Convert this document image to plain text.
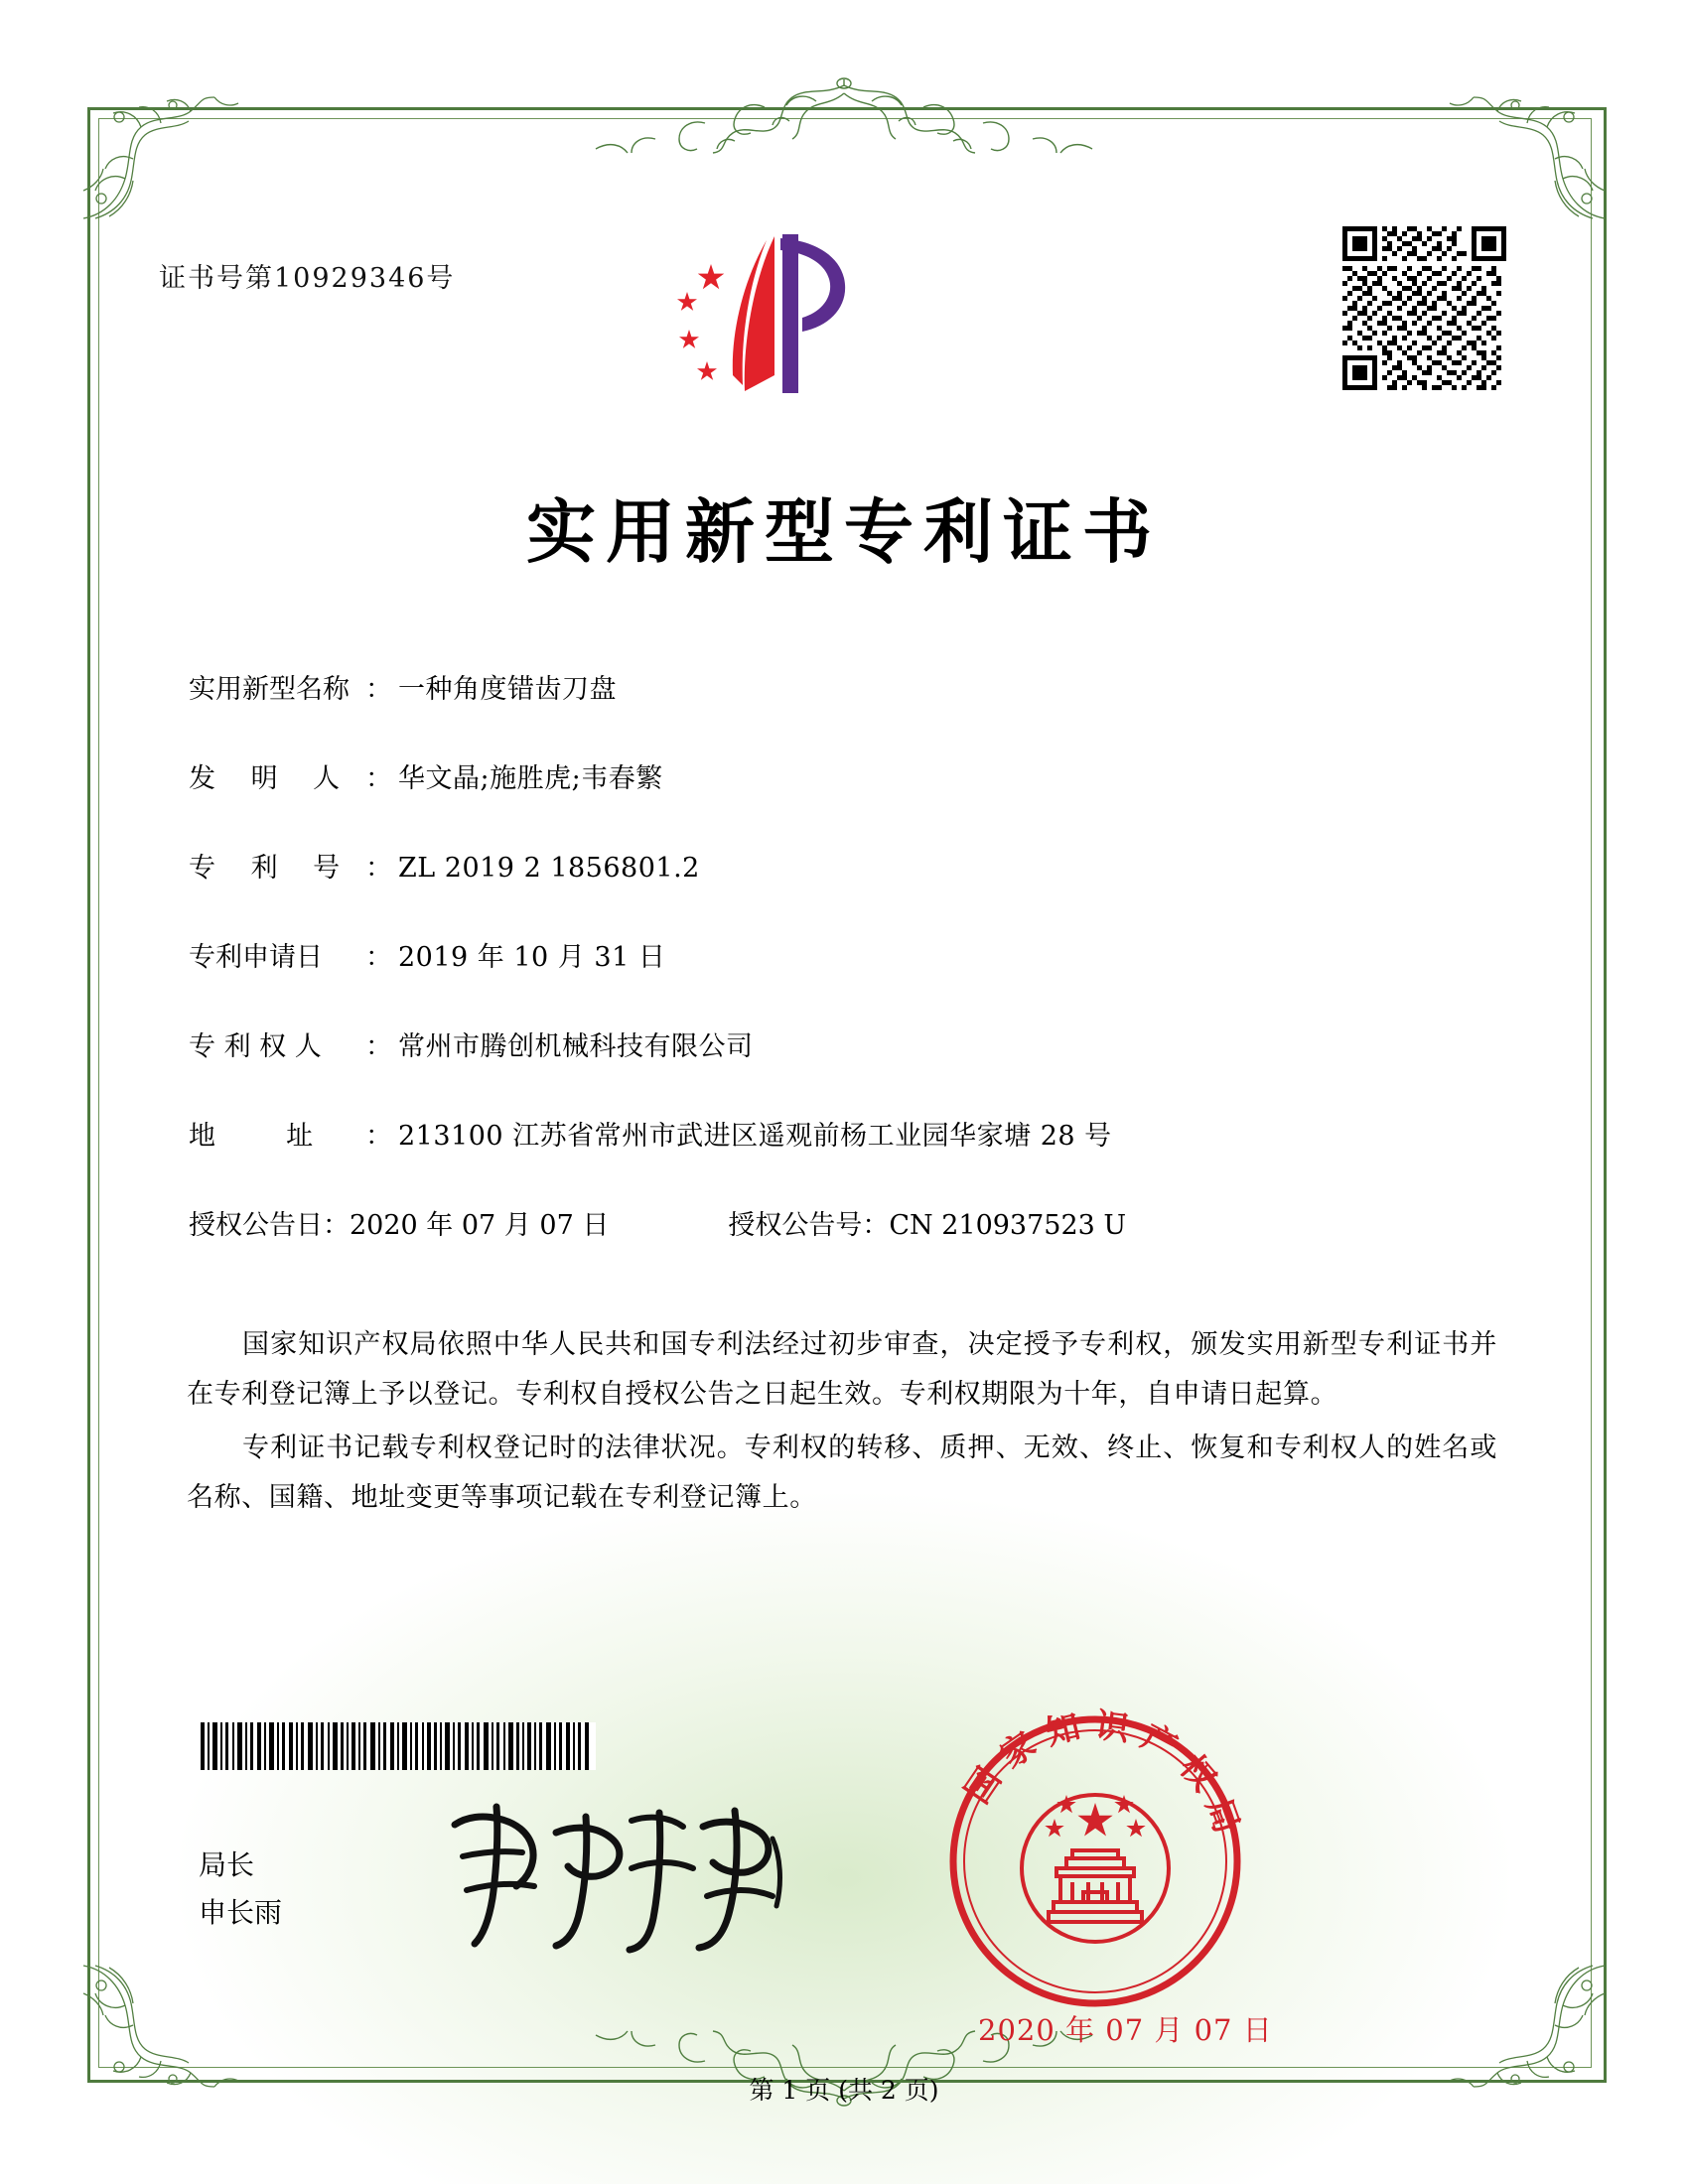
证书号第10929346号
实用新型专利证书
实用新型名称 ： 一种角度错齿刀盘
发　 明　 人 ： 华文晶;施胜虎;韦春繁
专　 利　 号 ： ZL 2019 2 1856801.2
专利申请日	： 2019 年 10 月 31 日
专 利 权 人	： 常州市腾创机械科技有限公司
地　 　 址	： 213100 江苏省常州市武进区遥观前杨工业园华家塘 28 号
授权公告日：2020 年 07 月 07 日	授权公告号：CN 210937523 U

国家知识产权局依照中华人民共和国专利法经过初步审查，决定授予专利权，颁发实用新型专利证书并在专利登记簿上予以登记。专利权自授权公告之日起生效。专利权期限为十年，自申请日起算。

专利证书记载专利权登记时的法律状况。专利权的转移、质押、无效、终止、恢复和专利权人的姓名或名称、国籍、地址变更等事项记载在专利登记簿上。

局长
申长雨
国 家 知 识 产 权 局
2020 年 07 月 07 日
第 1 页 (共 2 页)
